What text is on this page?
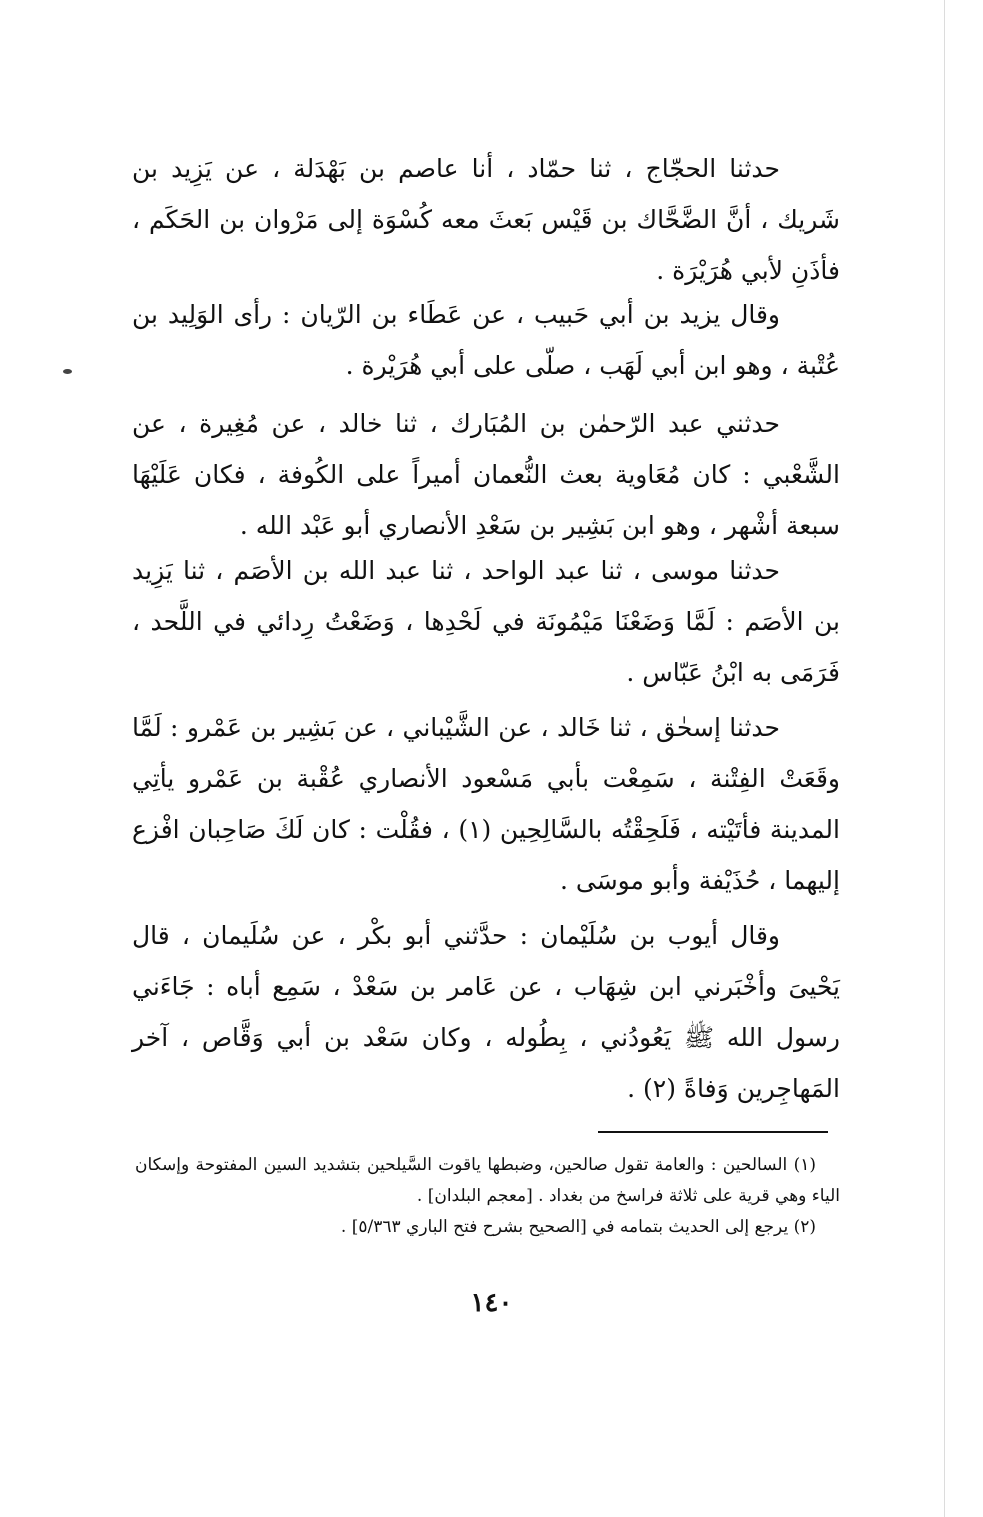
حدثنا الحجّاج ، ثنا حمّاد ، أنا عاصم بن بَهْدَلة ، عن يَزِيد بن شَريك ، أنَّ الضَّحَّاك بن قَيْس بَعثَ معه كُسْوَة إلى مَرْوان بن الحَكَم ، فأذَنِ لأبي هُرَيْرَة .

وقال يزيد بن أبي حَبيب ، عن عَطَاء بن الرّيان : رأى الوَلِيد بن عُتْبة ، وهو ابن أبي لَهَب ، صلّى على أبي هُرَيْرة .

حدثني عبد الرّحمٰن بن المُبَارك ، ثنا خالد ، عن مُغِيرة ، عن الشَّعْبي : كان مُعَاوية بعث النُّعمان أميراً على الكُوفة ، فكان عَلَيْهَا سبعة أشْهر ، وهو ابن بَشِير بن سَعْدِ الأنصاري أبو عَبْد الله .

حدثنا موسى ، ثنا عبد الواحد ، ثنا عبد الله بن الأصَم ، ثنا يَزِيد بن الأصَم : لَمَّا وَضَعْنَا مَيْمُونَة في لَحْدِها ، وَضَعْتُ رِدائي في اللَّحد ، فَرَمَى به ابْنُ عَبّاس .

حدثنا إسحٰق ، ثنا خَالد ، عن الشَّيْباني ، عن بَشِير بن عَمْرو : لَمَّا وقَعَتْ الفِتْنة ، سَمِعْت بأبي مَسْعود الأنصاري عُقْبة بن عَمْرو يأتِي المدينة فأتَيْته ، فَلَحِقْتُه بالسَّالِحِين (١) ، فقُلْت : كان لَكَ صَاحِبان افْزع إليهما ، حُذَيْفة وأبو موسَى .

وقال أيوب بن سُلَيْمان : حدَّثني أبو بكْر ، عن سُلَيمان ، قال يَحْيىَ وأخْبَرني ابن شِهَاب ، عن عَامر بن سَعْدْ ، سَمِع أباه : جَاءَني رسول الله ﷺ يَعُودُني ، بِطُوله ، وكان سَعْد بن أبي وَقَّاص ، آخر المَهاجِرين وَفاةً (٢) .

(١) السالحين : والعامة تقول صالحين، وضبطها ياقوت السَّيلحين بتشديد السين المفتوحة وإسكان الياء وهي قرية على ثلاثة فراسخ من بغداد . [معجم البلدان] .

(٢) يرجع إلى الحديث بتمامه في [الصحيح بشرح فتح الباري ٥/٣٦٣] .

١٤٠
